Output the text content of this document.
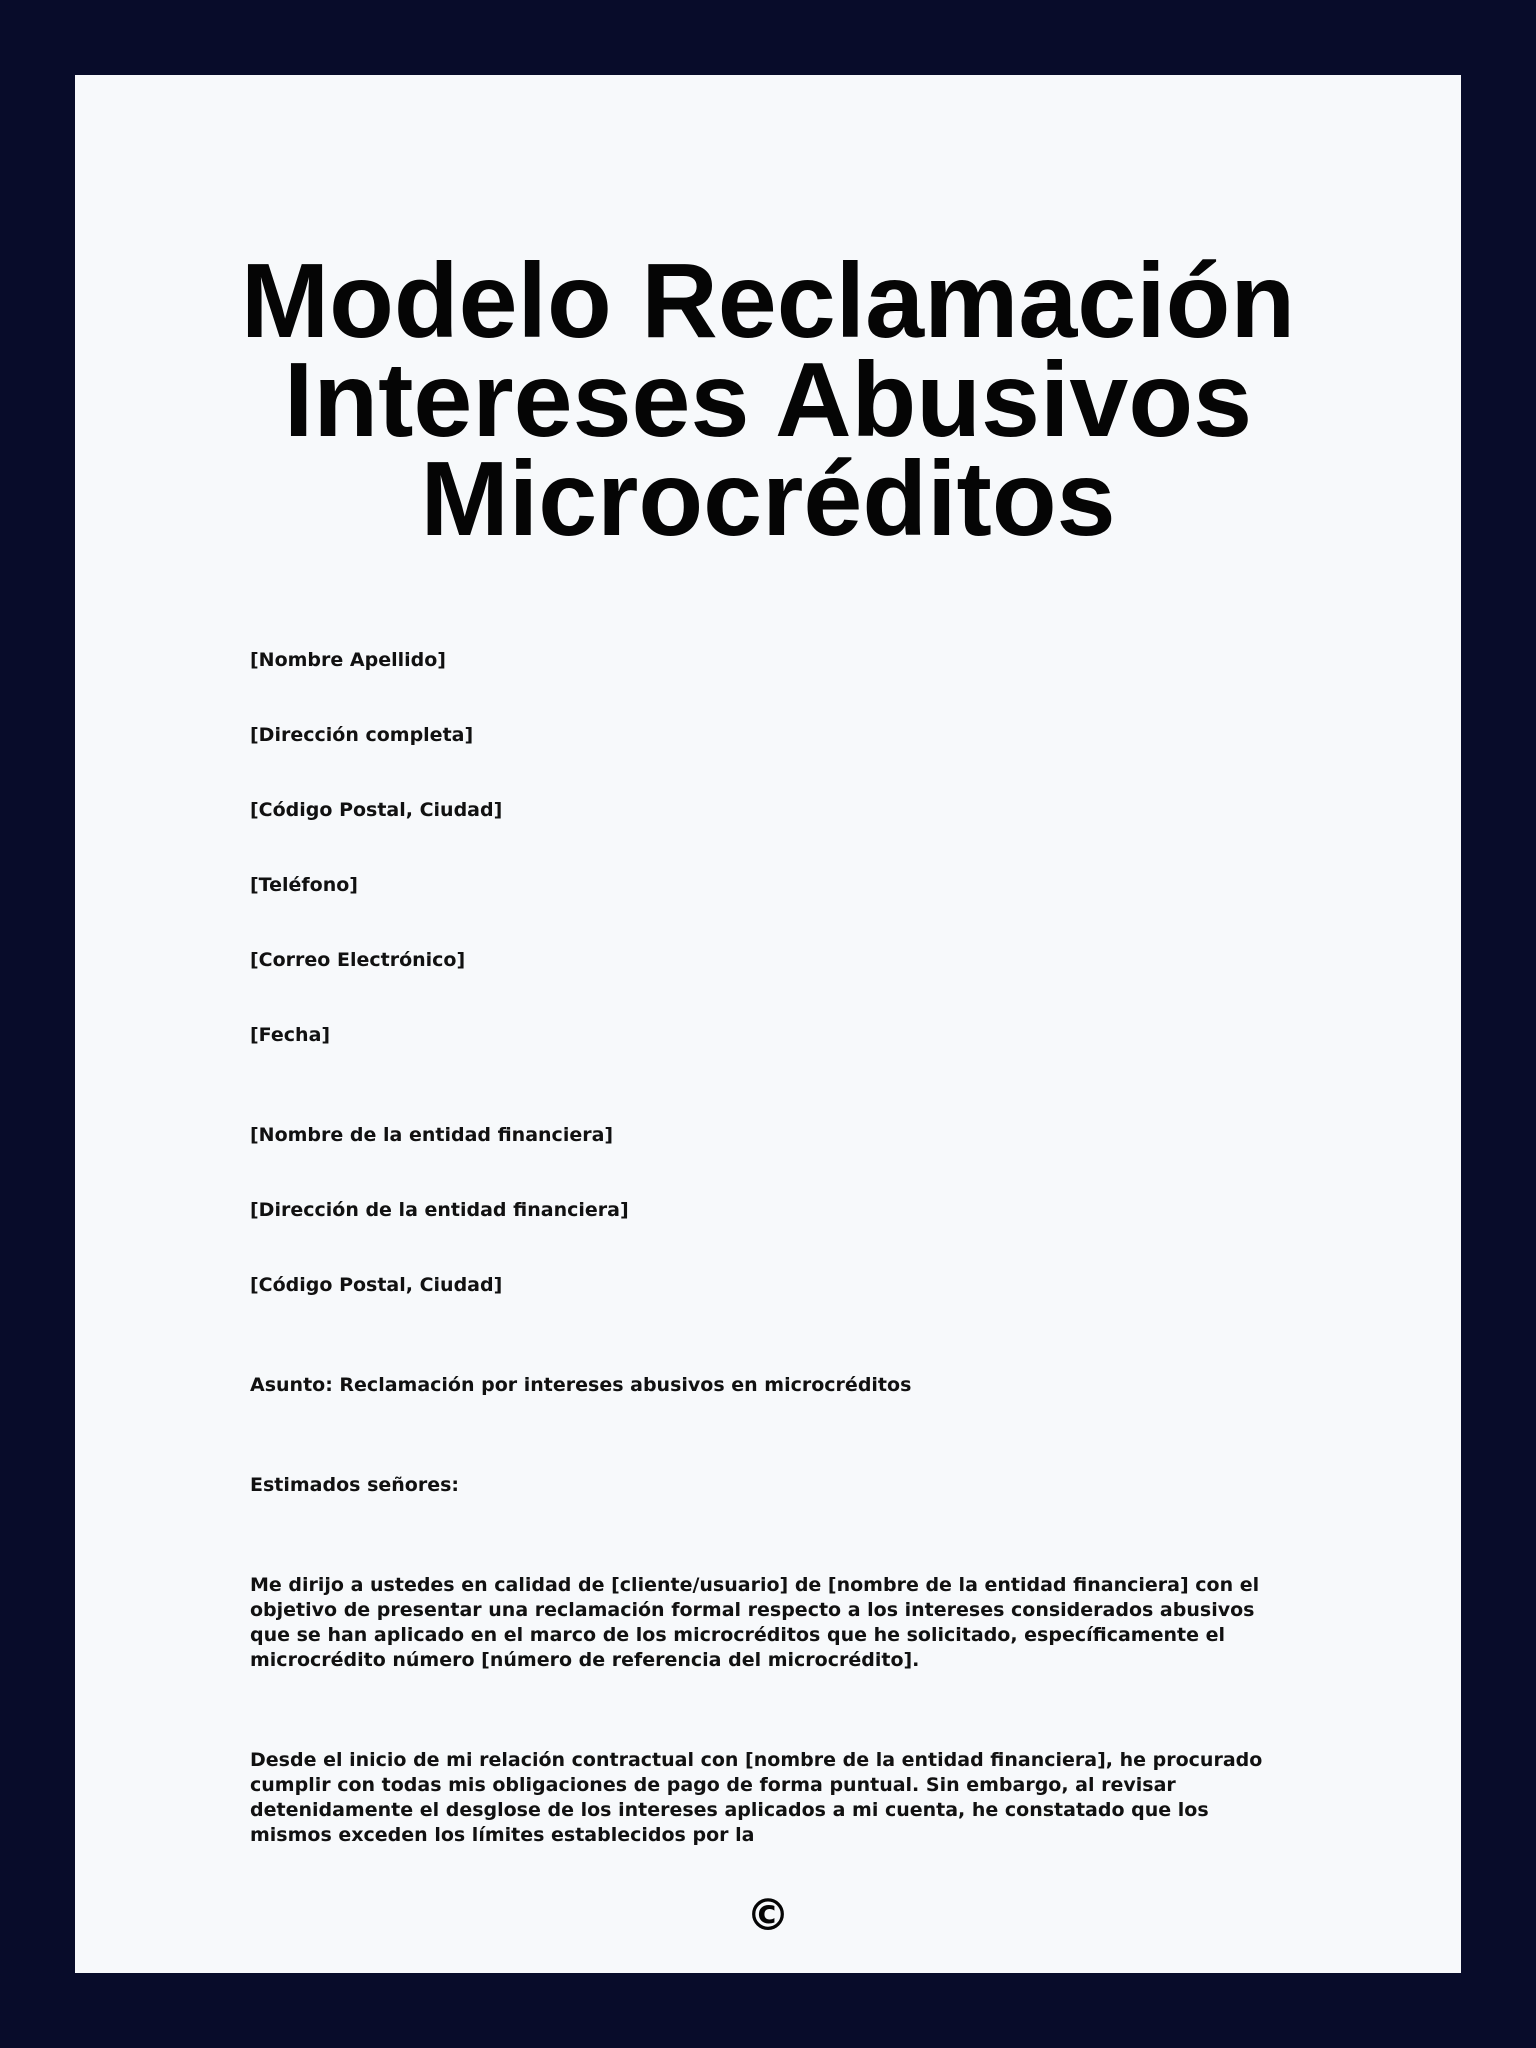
Modelo Reclamación Intereses Abusivos Microcréditos

[Nombre Apellido]

[Dirección completa]

[Código Postal, Ciudad]

[Teléfono]

[Correo Electrónico]

[Fecha]

[Nombre de la entidad financiera]

[Dirección de la entidad financiera]

[Código Postal, Ciudad]

Asunto: Reclamación por intereses abusivos en microcréditos

Estimados señores:

Me dirijo a ustedes en calidad de [cliente/usuario] de [nombre de la entidad financiera] con el objetivo de presentar una reclamación formal respecto a los intereses considerados abusivos que se han aplicado en el marco de los microcréditos que he solicitado, específicamente el microcrédito número [número de referencia del microcrédito].

Desde el inicio de mi relación contractual con [nombre de la entidad financiera], he procurado cumplir con todas mis obligaciones de pago de forma puntual. Sin embargo, al revisar detenidamente el desglose de los intereses aplicados a mi cuenta, he constatado que los mismos exceden los límites establecidos por la

©
